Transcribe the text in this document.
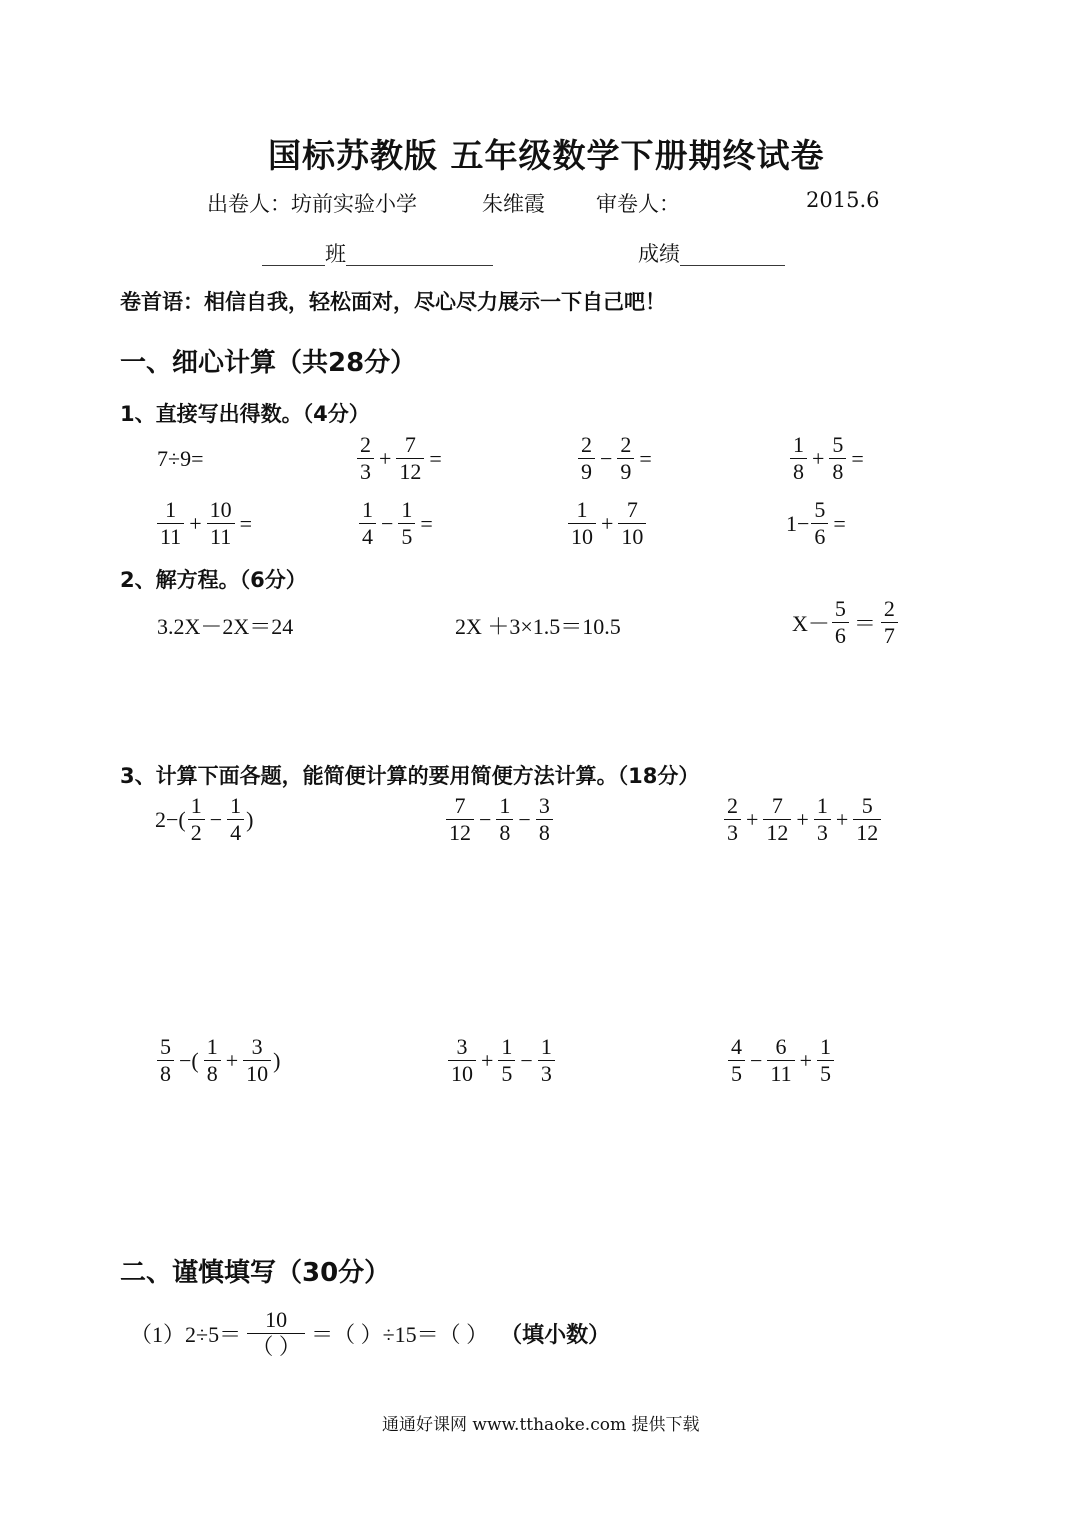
国标苏教版 五年级数学下册期终试卷
出卷人：坊前实验小学	朱维霞 审卷人：	2015.6
______班______________	成绩__________
卷首语：相信自我，轻松面对，尽心尽力展示一下自己吧！
一、细心计算（共28分）
1、直接写出得数。（4分）
7÷9=	$\frac{2}{3} + \frac{7}{12}$ =	$\frac{2}{9} - \frac{2}{9}$ =	$\frac{1}{8} + \frac{5}{8}$ =
$\frac{1}{11} + \frac{10}{11}$ =	$\frac{1}{4} - \frac{1}{5}$ =	$\frac{1}{10} + \frac{7}{10}$	$1- \frac{5}{6}$ =
2、解方程。（6分）
3.2X－2X＝24	2X ＋3×1.5＝10.5	$X- \frac{5}{6} = \frac{2}{7}$
3、计算下面各题，能简便计算的要用简便方法计算。（18分）
$2-( \frac{1}{2} - \frac{1}{4}$ )	$\frac{7}{12} - \frac{1}{8} - \frac{3}{8}$	$\frac{2}{3} + \frac{7}{12} + \frac{1}{3} + \frac{5}{12}$
$\frac{5}{8}$ −( $\frac{1}{8} + \frac{3}{10}$ )	$\frac{3}{10} + \frac{1}{5} - \frac{1}{3}$	$\frac{4}{5} - \frac{6}{11} + \frac{1}{5}$
二、谨慎填写（30分）
$(1)2\div 5= \frac{10}{( )}$ ＝（ ）÷15＝（ ） （填小数）
通通好课网 www.tthaoke.com 提供下载
